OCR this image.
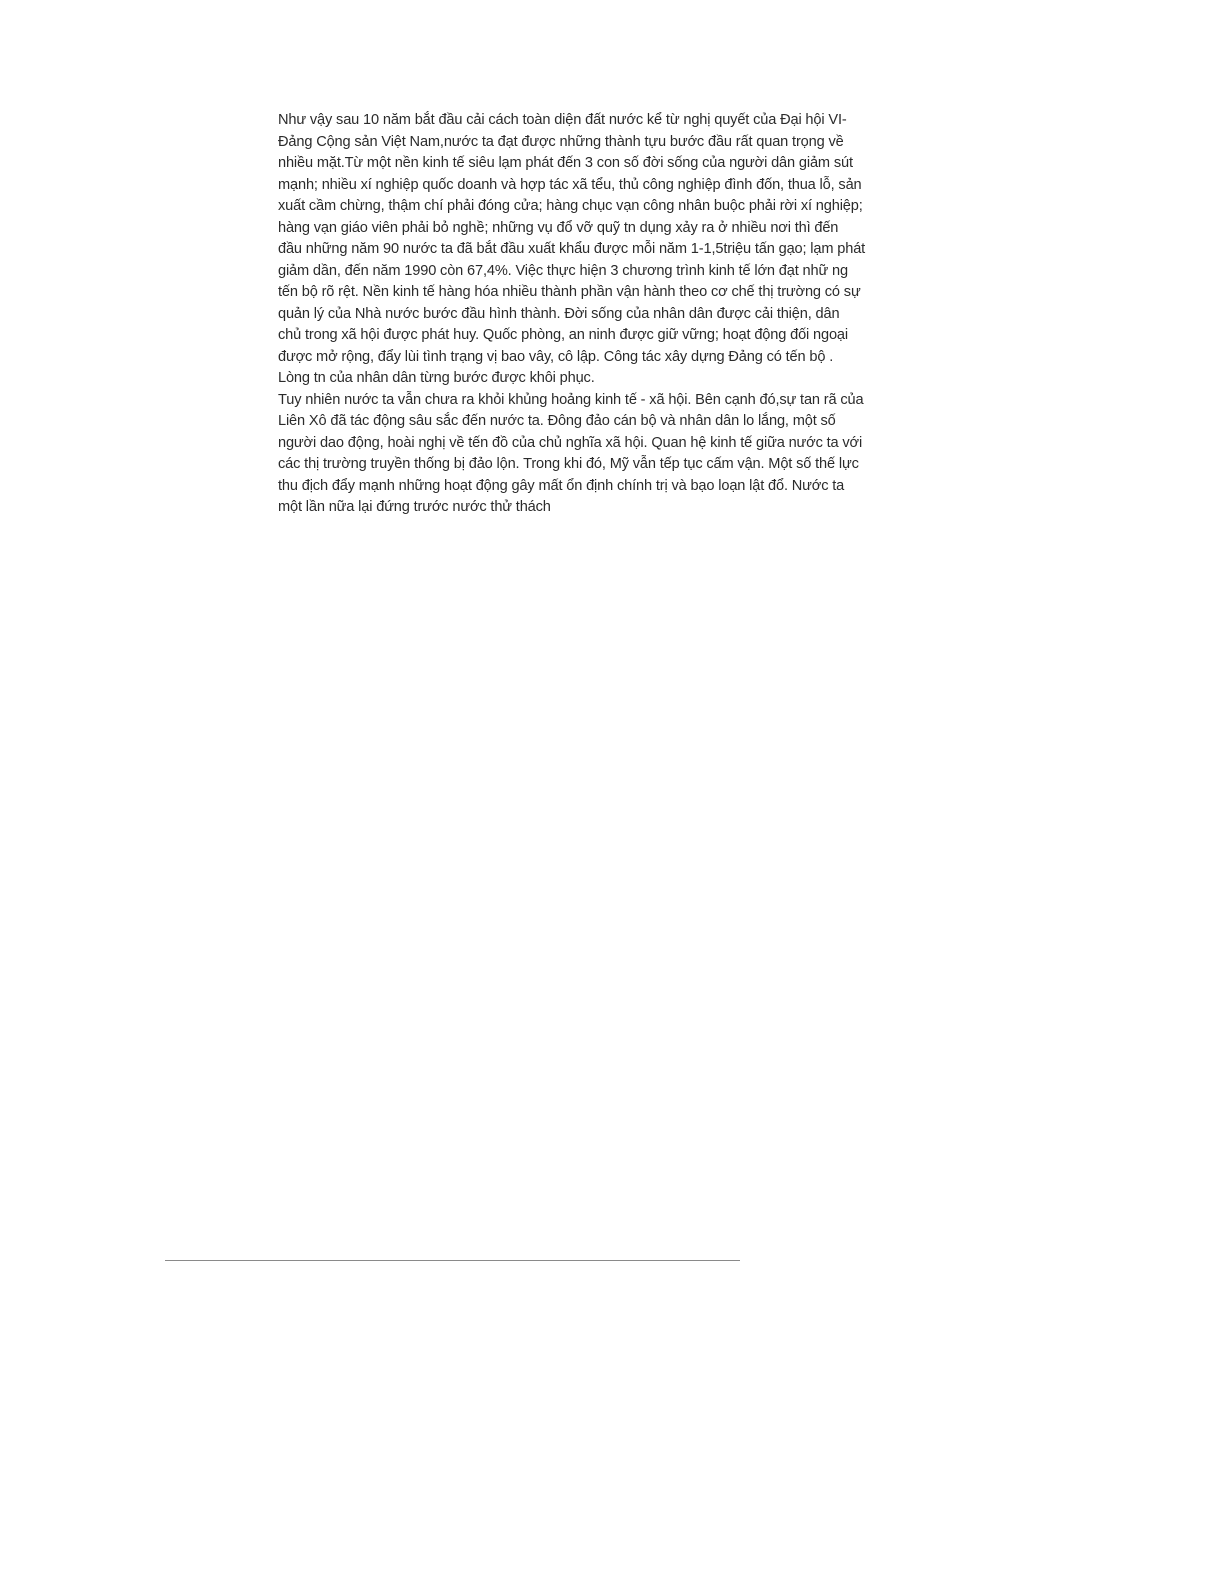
Như vậy sau 10 năm bắt đầu cải cách toàn diện đất nước kể từ nghị quyết của Đại hội VI-Đảng Cộng sản Việt Nam,nước ta đạt được những thành tựu bước đầu rất quan trọng về nhiều mặt.Từ một nền kinh tế siêu lạm phát đến 3 con số đời sống của người dân giảm sút mạnh; nhiều xí nghiệp quốc doanh và hợp tác xã tểu, thủ công nghiệp đình đốn, thua lỗ, sản xuất cầm chừng, thậm chí phải đóng cửa; hàng chục vạn công nhân buộc phải rời xí nghiệp; hàng vạn giáo viên phải bỏ nghề; những vụ đổ vỡ quỹ tn dụng xảy ra ở nhiều nơi thì đến đầu những năm 90 nước ta đã bắt đầu xuất khẩu được mỗi năm 1-1,5triệu tấn gạo; lạm phát giảm dần, đến năm 1990 còn 67,4%. Việc thực hiện 3 chương trình kinh tế lớn đạt nhữ ng tến bộ rõ rệt. Nền kinh tế hàng hóa nhiều thành phần vận hành theo cơ chế thị trường có sự quản lý của Nhà nước bước đầu hình thành. Đời sống của nhân dân được cải thiện, dân chủ trong xã hội được phát huy. Quốc phòng, an ninh được giữ vững; hoạt động đối ngoại được mở rộng, đẩy lùi tình trạng vị bao vây, cô lập. Công tác xây dựng Đảng có tến bộ . Lòng tn của nhân dân từng bước được khôi phục.

Tuy nhiên nước ta vẫn chưa ra khỏi khủng hoảng kinh tế - xã hội. Bên cạnh đó,sự tan rã của Liên Xô đã tác động sâu sắc đến nước ta. Đông đảo cán bộ và nhân dân lo lắng, một số người dao động, hoài nghị về tến đồ của chủ nghĩa xã hội. Quan hệ kinh tế giữa nước ta với các thị trường truyền thống bị đảo lộn. Trong khi đó, Mỹ vẫn tếp tục cấm vận. Một số thế lực thu địch đẩy mạnh những hoạt động gây mất ổn định chính trị và bạo loạn lật đổ. Nước ta một lần nữa lại đứng trước nước thử thách
